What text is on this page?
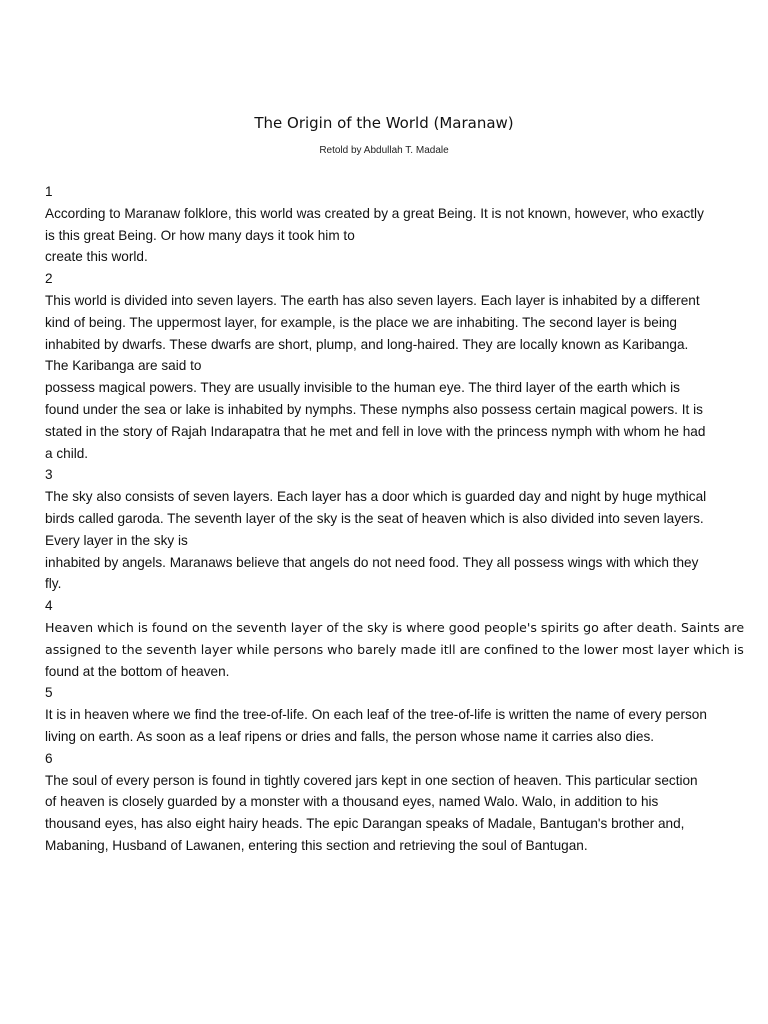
The Origin of the World (Maranaw)
Retold by Abdullah T. Madale
1
According to Maranaw folklore, this world was created by a great Being. It is not known, however, who exactly
is this great Being. Or how many days it took him to
create this world.
2
This world is divided into seven layers. The earth has also seven layers. Each layer is inhabited by a different
kind of being. The uppermost layer, for example, is the place we are inhabiting. The second layer is being
inhabited by dwarfs. These dwarfs are short, plump, and long-haired. They are locally known as Karibanga.
The Karibanga are said to
possess magical powers. They are usually invisible to the human eye. The third layer of the earth which is
found under the sea or lake is inhabited by nymphs. These nymphs also possess certain magical powers. It is
stated in the story of Rajah Indarapatra that he met and fell in love with the princess nymph with whom he had
a child.
3
The sky also consists of seven layers. Each layer has a door which is guarded day and night by huge mythical
birds called garoda. The seventh layer of the sky is the seat of heaven which is also divided into seven layers.
Every layer in the sky is
inhabited by angels. Maranaws believe that angels do not need food. They all possess wings with which they
fly.
4
Heaven which is found on the seventh layer of the sky is where good people's spirits go after death. Saints are
assigned to the seventh layer while persons who barely made itll are confined to the lower most layer which is
found at the bottom of heaven.
5
It is in heaven where we find the tree-of-life. On each leaf of the tree-of-life is written the name of every person
living on earth. As soon as a leaf ripens or dries and falls, the person whose name it carries also dies.
6
The soul of every person is found in tightly covered jars kept in one section of heaven. This particular section
of heaven is closely guarded by a monster with a thousand eyes, named Walo. Walo, in addition to his
thousand eyes, has also eight hairy heads. The epic Darangan speaks of Madale, Bantugan's brother and,
Mabaning, Husband of Lawanen, entering this section and retrieving the soul of Bantugan.
